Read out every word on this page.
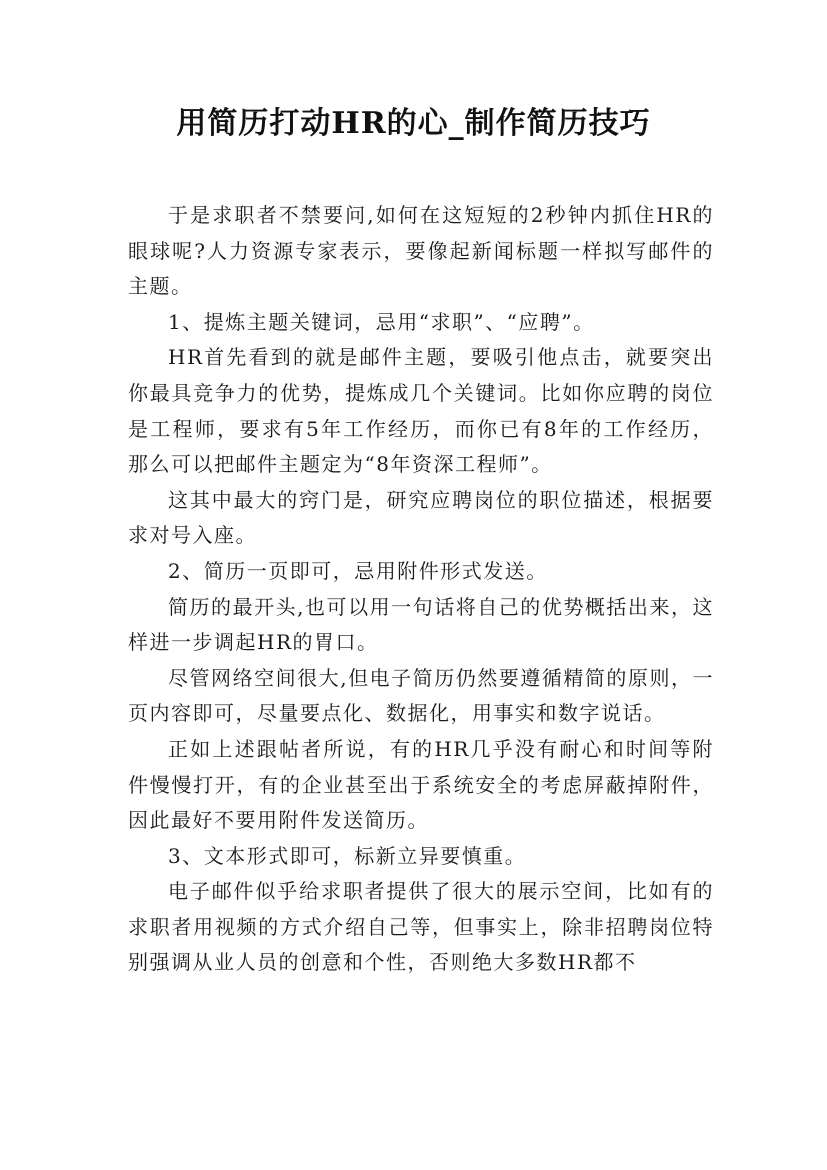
用简历打动HR的心_制作简历技巧

于是求职者不禁要问,如何在这短短的2秒钟内抓住HR的眼球呢?人力资源专家表示，要像起新闻标题一样拟写邮件的主题。

1、提炼主题关键词，忌用“求职”、“应聘”。

HR首先看到的就是邮件主题，要吸引他点击，就要突出你最具竞争力的优势，提炼成几个关键词。比如你应聘的岗位是工程师，要求有5年工作经历，而你已有8年的工作经历，那么可以把邮件主题定为“8年资深工程师”。

这其中最大的窍门是，研究应聘岗位的职位描述，根据要求对号入座。

2、简历一页即可，忌用附件形式发送。

简历的最开头,也可以用一句话将自己的优势概括出来，这样进一步调起HR的胃口。

尽管网络空间很大,但电子简历仍然要遵循精简的原则，一页内容即可，尽量要点化、数据化，用事实和数字说话。

正如上述跟帖者所说，有的HR几乎没有耐心和时间等附件慢慢打开，有的企业甚至出于系统安全的考虑屏蔽掉附件，因此最好不要用附件发送简历。

3、文本形式即可，标新立异要慎重。

电子邮件似乎给求职者提供了很大的展示空间，比如有的求职者用视频的方式介绍自己等，但事实上，除非招聘岗位特别强调从业人员的创意和个性，否则绝大多数HR都不
